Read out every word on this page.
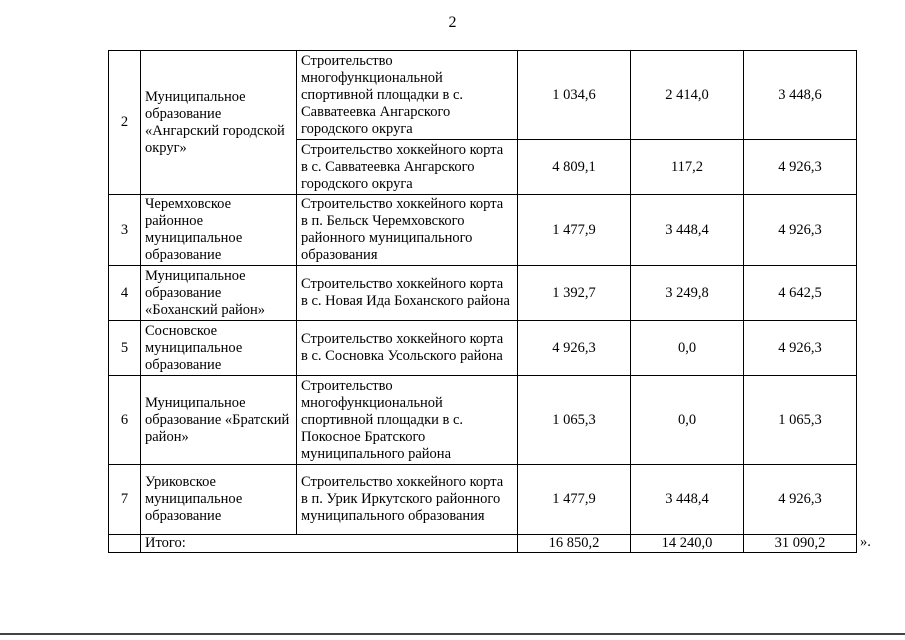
2
2	Муниципальное образование «Ангарский городской округ»	Строительство многофункциональной спортивной площадки в с. Савватеевка Ангарского городского округа	1 034,6	2 414,0	3 448,6
		Строительство хоккейного корта в с. Савватеевка Ангарского городского округа	4 809,1	117,2	4 926,3
3	Черемховское районное муниципальное образование	Строительство хоккейного корта в п. Бельск Черемховского районного муниципального образования	1 477,9	3 448,4	4 926,3
4	Муниципальное образование «Боханский район»	Строительство хоккейного корта в с. Новая Ида Боханского района	1 392,7	3 249,8	4 642,5
5	Сосновское муниципальное образование	Строительство хоккейного корта в с. Сосновка Усольского района	4 926,3	0,0	4 926,3
6	Муниципальное образование «Братский район»	Строительство многофункциональной спортивной площадки в с. Покосное Братского муниципального района	1 065,3	0,0	1 065,3
7	Уриковское муниципальное образование	Строительство хоккейного корта в п. Урик Иркутского районного муниципального образования	1 477,9	3 448,4	4 926,3
	Итого:		16 850,2	14 240,0	31 090,2 ».
